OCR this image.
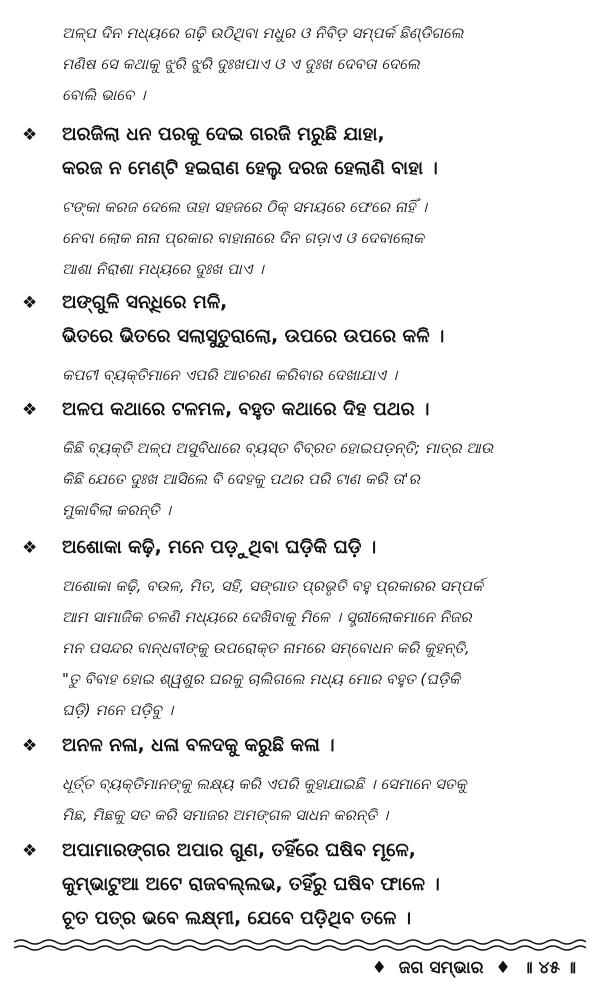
ଅଳ୍ପ ଦିନ ମଧ୍ୟରେ ଗଢ଼ି ଉଠିଥିବା ମଧୁର ଓ ନିବିଡ଼ ସମ୍ପର୍କ ଛିଣ୍ଡିଗଲେ
ମଣିଷ ସେ କଥାକୁ ଝୁରି ଝୁରି ଦୁଃଖପାଏ ଓ ଏ ଦୁଃଖ ଦେବତା ଦେଲେ
ବୋଲି ଭାବେ ।

❖ ଅରଜିଲା ଧନ ପରକୁ ଦେଇ ଗରଜି ମରୁଛି ଯାହା,
କରଜ ନ ମେଣ୍ଟି ହଇରାଣ ହେଲୁ ଦରଜ ହେଲାଣି ବାହା ।

ଟଙ୍କା କରଜ ଦେଲେ ତାହା ସହଜରେ ଠିକ୍ ସମୟରେ ଫେରେ ନାହିଁ ।
ନେବା ଲୋକ ନାନା ପ୍ରକାର ବାହାନାରେ ଦିନ ଗଡ଼ାଏ ଓ ଦେବାଲୋକ
ଆଶା ନିରାଶା ମଧ୍ୟରେ ଦୁଃଖ ପାଏ ।

❖ ଅଙ୍ଗୁଳି ସନ୍ଧିରେ ମଳି,
ଭିତରେ ଭିତରେ ସଲାସୁତୁରାଲୋ, ଉପରେ ଉପରେ କଳି ।

କପଟୀ ବ୍ୟକ୍ତିମାନେ ଏପରି ଆଚରଣ କରିବାର ଦେଖାଯାଏ ।

❖ ଅଳପ କଥାରେ ଟଳମଳ, ବହୁତ କଥାରେ ଦିହ ପଥର ।

କିଛି ବ୍ୟକ୍ତି ଅଳ୍ପ ଅସୁବିଧାରେ ବ୍ୟସ୍ତ ବିବ୍ରତ ହୋଇପଡ଼ନ୍ତି; ମାତ୍ର ଆଉ
କିଛି ଯେତେ ଦୁଃଖ ଆସିଲେ ବି ଦେହକୁ ପଥର ପରି ଟାଣ କରି ତା'ର
ମୁକାବିଲା କରନ୍ତି ।

❖ ଅଶୋକା କଢ଼ି, ମନେ ପଡ଼ୁଥିବା ଘଡ଼ିକି ଘଡ଼ି ।

ଅଶୋକା କଢ଼ି, ବଉଳ, ମିତ, ସହି, ସଙ୍ଗାତ ପ୍ରଭୃତି ବହୁ ପ୍ରକାରର ସମ୍ପର୍କ
ଆମ ସାମାଜିକ ଚଳଣି ମଧ୍ୟରେ ଦେଖିବାକୁ ମିଳେ । ସ୍ତ୍ରୀଲୋକମାନେ ନିଜର
ମନ ପସନ୍ଦର ବାନ୍ଧବୀଙ୍କୁ ଉପରୋକ୍ତ ନାମରେ ସମ୍ବୋଧନ କରି କୁହନ୍ତି,
"ତୁ ବିବାହ ହୋଇ ଶ୍ୱଶୁର ଘରକୁ ଚାଲିଗଲେ ମଧ୍ୟ ମୋର ବହୁତ (ଘଡ଼ିକି
ଘଡ଼ି) ମନେ ପଡ଼ିବୁ ।

❖ ଅନଳ ନଳା, ଧଳା ବଳଦକୁ କରୁଛି କଳା ।

ଧୂର୍ତ୍ତ ବ୍ୟକ୍ତିମାନଙ୍କୁ ଲକ୍ଷ୍ୟ କରି ଏପରି କୁହାଯାଇଛି । ସେମାନେ ସତକୁ
ମିଛ, ମିଛକୁ ସତ କରି ସମାଜର ଅମଙ୍ଗଳ ସାଧନ କରନ୍ତି ।

❖ ଅପାମାରଙ୍ଗର ଅପାର ଗୁଣ, ତହିଁରେ ଘଷିବ ମୂଳେ,
କୁମ୍ଭାଟୁଆ ଅଟେ ରାଜବଲ୍ଲଭ, ତହିଁରୁ ଘଷିବ ଫାଳେ ।
ଚୂତ ପତ୍ର ଭବେ ଲକ୍ଷ୍ମୀ, ଯେବେ ପଡ଼ିଥିବ ତଳେ ।

♦ ଜଗ ସମ୍ଭାର ♦ ॥ ୪୫ ॥
